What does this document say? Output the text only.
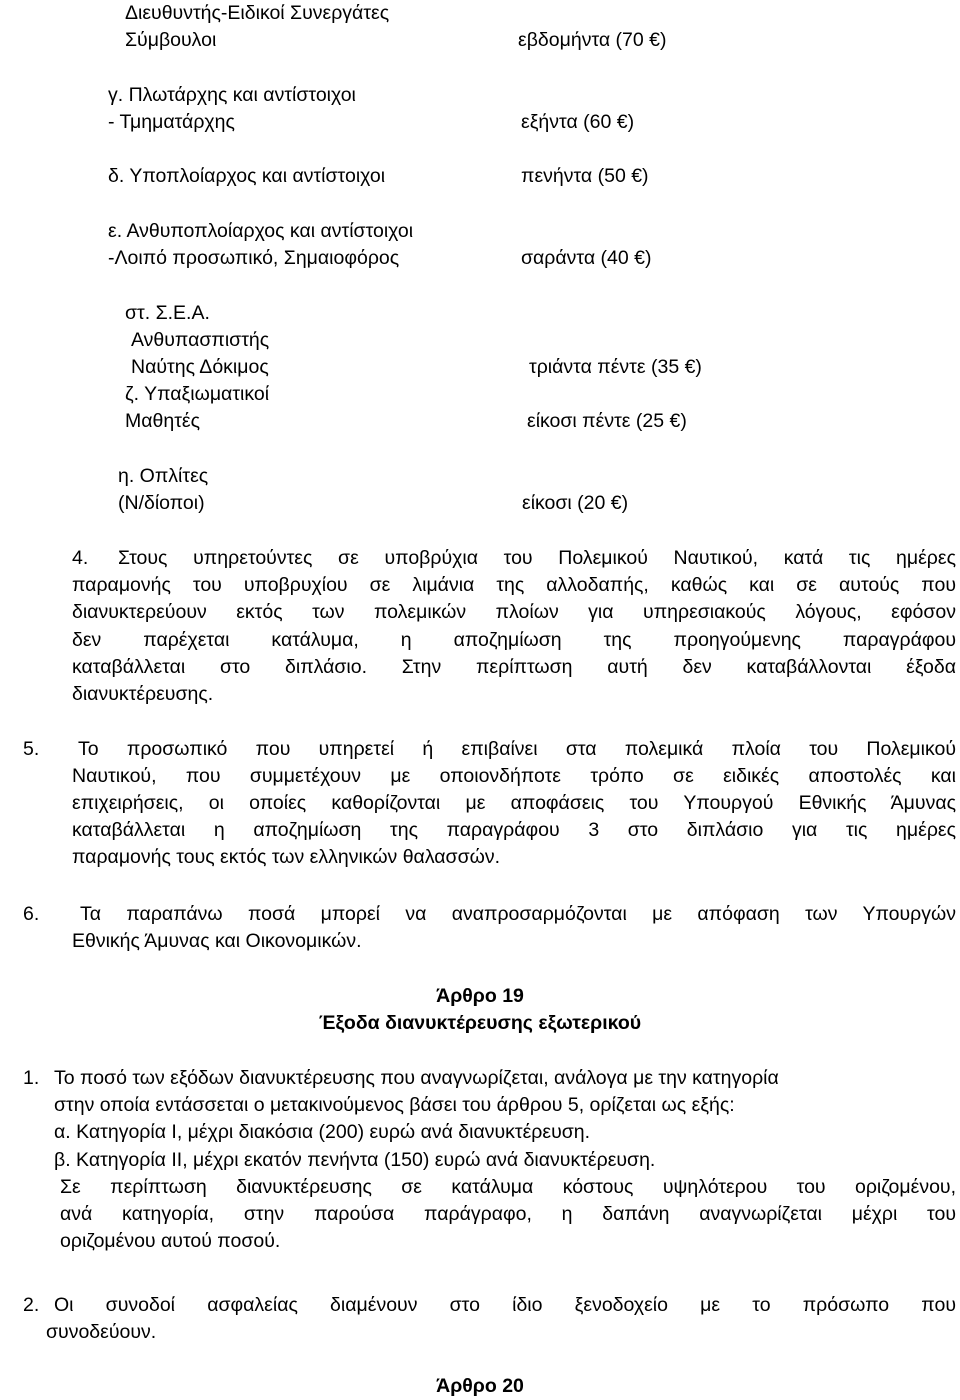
Διευθυντής-Ειδικοί Συνεργάτες
Σύμβουλοι	εβδομήντα (70 €)
γ. Πλωτάρχης και αντίστοιχοι
- Τμηματάρχης	εξήντα (60 €)
δ. Υποπλοίαρχος και αντίστοιχοι	πενήντα (50 €)
ε. Ανθυποπλοίαρχος και αντίστοιχοι
-Λοιπό προσωπικό, Σημαιοφόρος	σαράντα (40 €)
στ. Σ.Ε.Α.
Ανθυπασπιστής
Ναύτης Δόκιμος	τριάντα πέντε (35 €)
ζ. Υπαξιωματικοί
Μαθητές	είκοσι πέντε (25 €)
η. Οπλίτες
(Ν/δίοποι)	είκοσι (20 €)
4. Στους υπηρετούντες σε υποβρύχια του Πολεμικού Ναυτικού, κατά τις ημέρες
παραμονής του υποβρυχίου σε λιμάνια της αλλοδαπής, καθώς και σε αυτούς που
διανυκτερεύουν εκτός των πολεμικών πλοίων για υπηρεσιακούς λόγους, εφόσον
δεν παρέχεται κατάλυμα, η αποζημίωση της προηγούμενης παραγράφου
καταβάλλεται στο διπλάσιο. Στην περίπτωση αυτή δεν καταβάλλονται έξοδα
διανυκτέρευσης.
5. Το προσωπικό που υπηρετεί ή επιβαίνει στα πολεμικά πλοία του Πολεμικού
Ναυτικού, που συμμετέχουν με οποιονδήποτε τρόπο σε ειδικές αποστολές και
επιχειρήσεις, οι οποίες καθορίζονται με αποφάσεις του Υπουργού Εθνικής Άμυνας
καταβάλλεται η αποζημίωση της παραγράφου 3 στο διπλάσιο για τις ημέρες
παραμονής τους εκτός των ελληνικών θαλασσών.
6. Τα παραπάνω ποσά μπορεί να αναπροσαρμόζονται με απόφαση των Υπουργών
Εθνικής Άμυνας και Οικονομικών.
Άρθρο 19
Έξοδα διανυκτέρευσης εξωτερικού
1. Το ποσό των εξόδων διανυκτέρευσης που αναγνωρίζεται, ανάλογα με την κατηγορία
στην οποία εντάσσεται ο μετακινούμενος βάσει του άρθρου 5, ορίζεται ως εξής:
α. Κατηγορία Ι, μέχρι διακόσια (200) ευρώ ανά διανυκτέρευση.
β. Κατηγορία ΙΙ, μέχρι εκατόν πενήντα (150) ευρώ ανά διανυκτέρευση.
Σε περίπτωση διανυκτέρευσης σε κατάλυμα κόστους υψηλότερου του οριζομένου,
ανά κατηγορία, στην παρούσα παράγραφο, η δαπάνη αναγνωρίζεται μέχρι του
οριζομένου αυτού ποσού.
2. Οι συνοδοί ασφαλείας διαμένουν στο ίδιο ξενοδοχείο με το πρόσωπο που
συνοδεύουν.
Άρθρο 20
